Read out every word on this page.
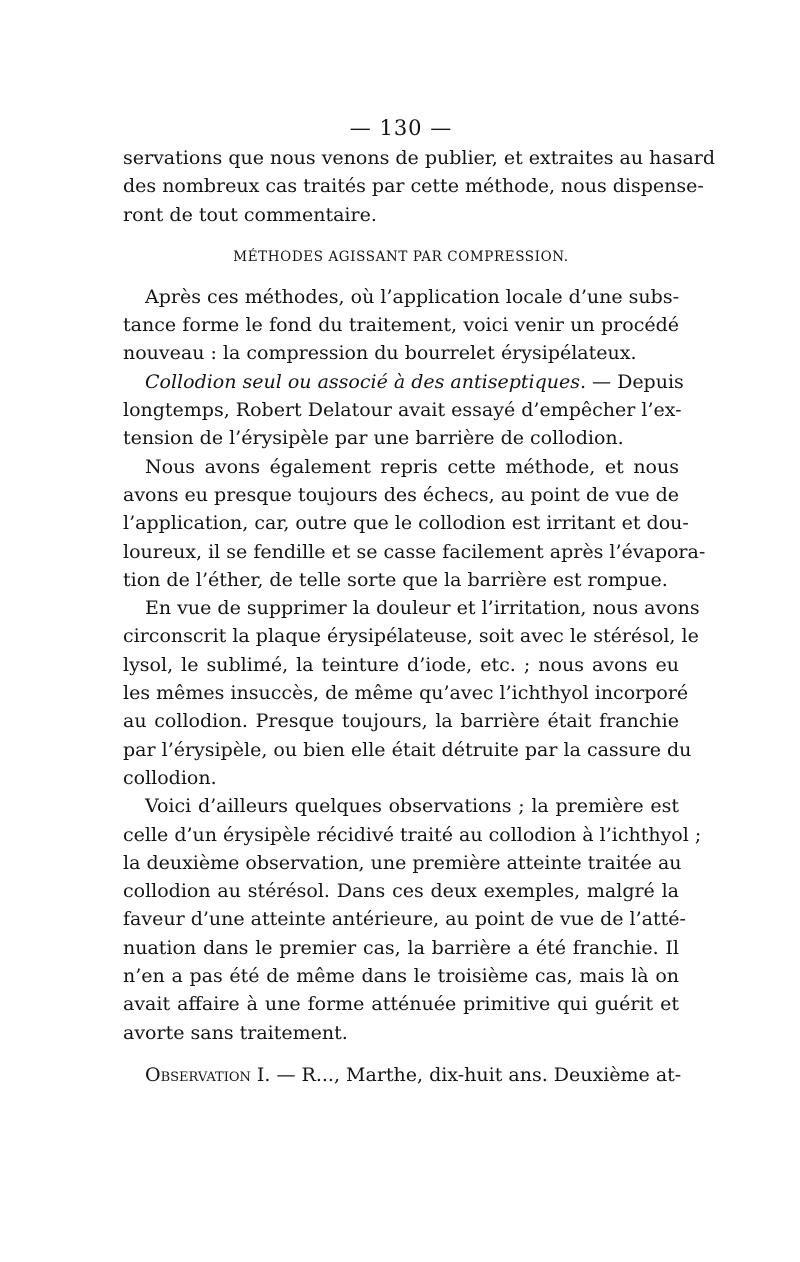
— 130 —
servations que nous venons de publier, et extraites au hasard
des nombreux cas traités par cette méthode, nous dispense-
ront de tout commentaire.
MÉTHODES AGISSANT PAR COMPRESSION.
Après ces méthodes, où l’application locale d’une subs-
tance forme le fond du traitement, voici venir un procédé
nouveau : la compression du bourrelet érysipélateux.
Collodion seul ou associé à des antiseptiques. — Depuis
longtemps, Robert Delatour avait essayé d’empêcher l’ex-
tension de l’érysipèle par une barrière de collodion.
Nous avons également repris cette méthode, et nous
avons eu presque toujours des échecs, au point de vue de
l’application, car, outre que le collodion est irritant et dou-
loureux, il se fendille et se casse facilement après l’évapora-
tion de l’éther, de telle sorte que la barrière est rompue.
En vue de supprimer la douleur et l’irritation, nous avons
circonscrit la plaque érysipélateuse, soit avec le stérésol, le
lysol, le sublimé, la teinture d’iode, etc. ; nous avons eu
les mêmes insuccès, de même qu’avec l’ichthyol incorporé
au collodion. Presque toujours, la barrière était franchie
par l’érysipèle, ou bien elle était détruite par la cassure du
collodion.
Voici d’ailleurs quelques observations ; la première est
celle d’un érysipèle récidivé traité au collodion à l’ichthyol ;
la deuxième observation, une première atteinte traitée au
collodion au stérésol. Dans ces deux exemples, malgré la
faveur d’une atteinte antérieure, au point de vue de l’atté-
nuation dans le premier cas, la barrière a été franchie. Il
n’en a pas été de même dans le troisième cas, mais là on
avait affaire à une forme atténuée primitive qui guérit et
avorte sans traitement.
Observation I. — R..., Marthe, dix-huit ans. Deuxième at-
